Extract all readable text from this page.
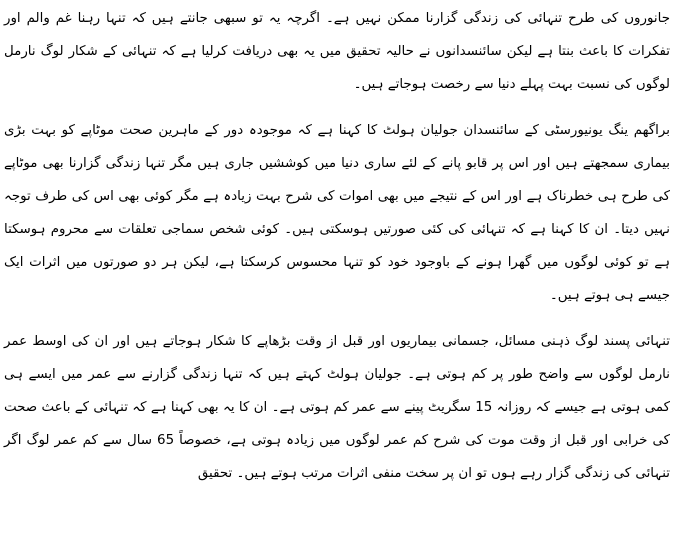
جانوروں کی طرح تنہائی کی زندگی گزارنا ممکن نہیں ہے۔ اگرچہ یہ تو سبھی جانتے ہیں کہ تنہا رہنا غم والم اور تفکرات کا باعث بنتا ہے لیکن سائنسدانوں نے حالیہ تحقیق میں یہ بھی دریافت کرلیا ہے کہ تنہائی کے شکار لوگ نارمل لوگوں کی نسبت بہت پہلے دنیا سے رخصت ہوجاتے ہیں۔

براگھم ینگ یونیورسٹی کے سائنسدان جولیان ہولٹ کا کہنا ہے کہ موجودہ دور کے ماہرین صحت موٹاپے کو بہت بڑی بیماری سمجھتے ہیں اور اس پر قابو پانے کے لئے ساری دنیا میں کوششیں جاری ہیں مگر تنہا زندگی گزارنا بھی موٹاپے کی طرح ہی خطرناک ہے اور اس کے نتیجے میں بھی اموات کی شرح بہت زیادہ ہے مگر کوئی بھی اس کی طرف توجہ نہیں دیتا۔ ان کا کہنا ہے کہ تنہائی کی کئی صورتیں ہوسکتی ہیں۔ کوئی شخص سماجی تعلقات سے محروم ہوسکتا ہے تو کوئی لوگوں میں گھرا ہونے کے باوجود خود کو تنہا محسوس کرسکتا ہے، لیکن ہر دو صورتوں میں اثرات ایک جیسے ہی ہوتے ہیں۔

تنہائی پسند لوگ ذہنی مسائل، جسمانی بیماریوں اور قبل از وقت بڑھاپے کا شکار ہوجاتے ہیں اور ان کی اوسط عمر نارمل لوگوں سے واضح طور پر کم ہوتی ہے۔ جولیان ہولٹ کہتے ہیں کہ تنہا زندگی گزارنے سے عمر میں ایسے ہی کمی ہوتی ہے جیسے کہ روزانہ 15 سگریٹ پینے سے عمر کم ہوتی ہے۔ ان کا یہ بھی کہنا ہے کہ تنہائی کے باعث صحت کی خرابی اور قبل از وقت موت کی شرح کم عمر لوگوں میں زیادہ ہوتی ہے، خصوصاً 65 سال سے کم عمر لوگ اگر تنہائی کی زندگی گزار رہے ہوں تو ان پر سخت منفی اثرات مرتب ہوتے ہیں۔ تحقیق
